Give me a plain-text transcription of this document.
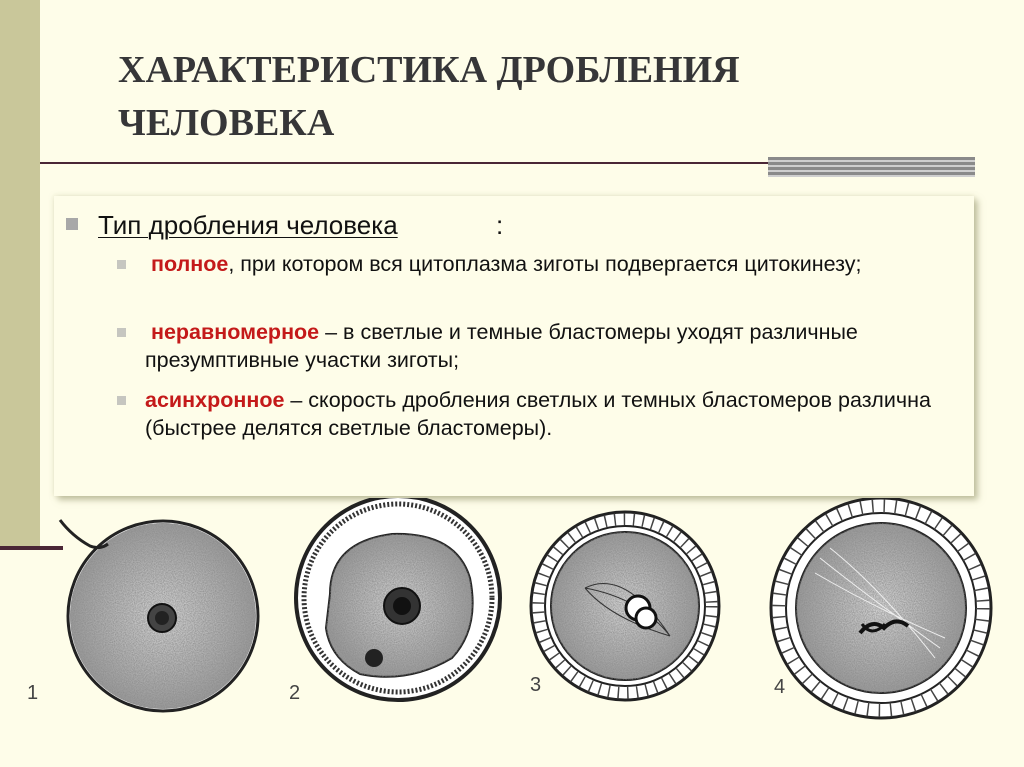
ХАРАКТЕРИСТИКА ДРОБЛЕНИЯ
ЧЕЛОВЕКА
Тип дробления человека	:
полное, при котором вся цитоплазма зиготы подвергается цитокинезу;
неравномерное – в светлые и темные бластомеры уходят различные презумптивные участки зиготы;
асинхронное – скорость дробления светлых и темных бластомеров различна (быстрее делятся светлые бластомеры).
1	2	3	4
